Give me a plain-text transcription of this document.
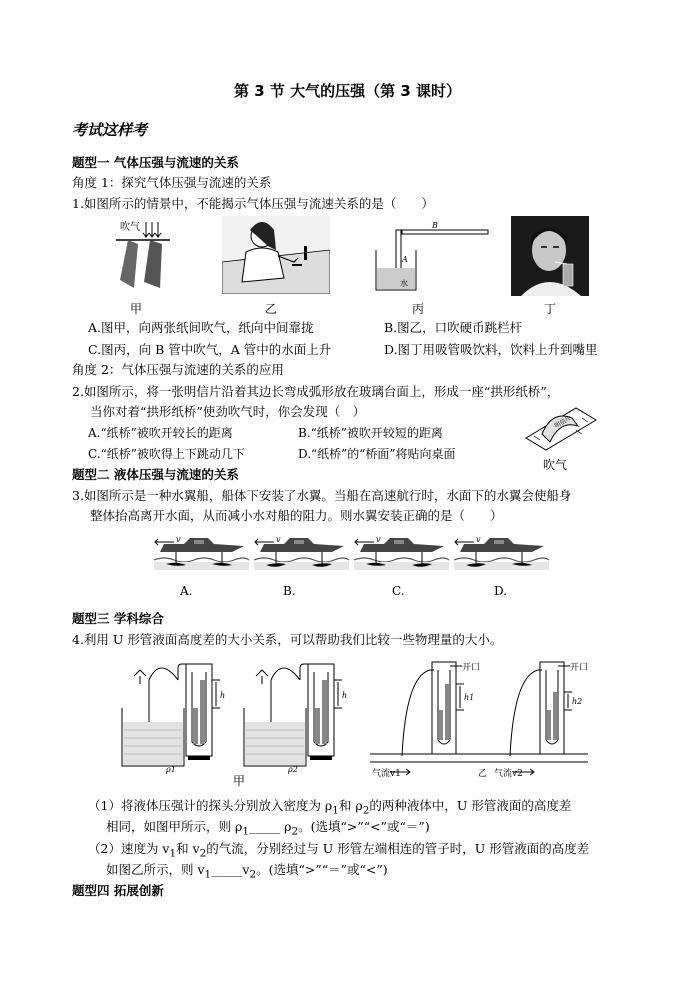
第 3 节 大气的压强（第 3 课时）
考试这样考
题型一 气体压强与流速的关系
角度 1：探究气体压强与流速的关系
1.如图所示的情景中，不能揭示气体压强与流速关系的是（　　）
吹气	B
A
水
甲	乙	丙	丁
A.图甲，向两张纸间吹气，纸向中间靠拢	B.图乙，口吹硬币跳栏杆
C.图丙，向 B 管中吹气，A 管中的水面上升	D.图丁用吸管吸饮料，饮料上升到嘴里
角度 2：气体压强与流速的关系的应用
2.如图所示，将一张明信片沿着其边长弯成弧形放在玻璃台面上，形成一座“拱形纸桥”，
当你对着“拱形纸桥”使劲吹气时，你会发现（　）
A.“纸桥”被吹开较长的距离	B.“纸桥”被吹开较短的距离
C.“纸桥”被吹得上下跳动几下	D.“纸桥”的“桥面”将贴向桌面
明信片
吹气
题型二 液体压强与流速的关系
3.如图所示是一种水翼船，船体下安装了水翼。当船在高速航行时，水面下的水翼会使船身
整体抬高离开水面，从而减小水对船的阻力。则水翼安装正确的是（　　）
v	v	v	v
A.	B.	C.	D.
题型三 学科综合
4.利用 U 形管液面高度差的大小关系，可以帮助我们比较一些物理量的大小。
h
ρ1
h
ρ2
甲
开口
h1
气流v1
开口
h2
乙 气流v2
（1）将液体压强计的探头分别放入密度为 $\rho_1$和 $\rho_2$的两种液体中，U 形管液面的高度差
相同，如图甲所示，则 $\rho_1\_\_\_\_\_$ $\rho_2$。(选填“>”“<”或“＝”)
（2）速度为 $v_1$和 $v_2$的气流，分别经过与 U 形管左端相连的管子时，U 形管液面的高度差
如图乙所示，则 $v_1\_\_\_\_\_v_2$。(选填“>”“＝”或“<”)
题型四 拓展创新
